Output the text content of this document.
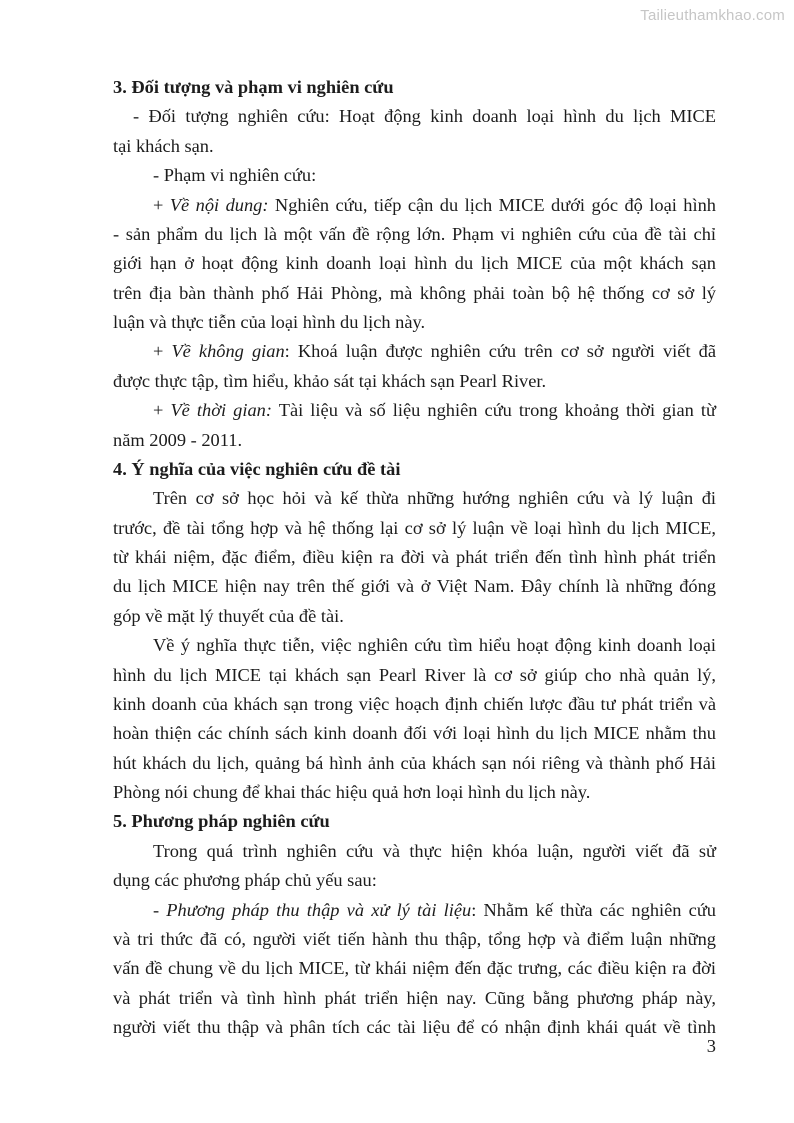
Tailieuthamkhao.com
3. Đối tượng và phạm vi nghiên cứu
- Đối tượng nghiên cứu: Hoạt động kinh doanh loại hình du lịch MICE
tại khách sạn.
- Phạm vi nghiên cứu:
+ Về nội dung: Nghiên cứu, tiếp cận du lịch MICE dưới góc độ loại hình
- sản phẩm du lịch là một vấn đề rộng lớn. Phạm vi nghiên cứu của đề tài chỉ
giới hạn ở hoạt động kinh doanh loại hình du lịch MICE của một khách sạn
trên địa bàn thành phố Hải Phòng, mà không phải toàn bộ hệ thống cơ sở lý
luận và thực tiễn của loại hình du lịch này.
+ Về không gian: Khoá luận được nghiên cứu trên cơ sở người viết đã
được thực tập, tìm hiểu, khảo sát tại khách sạn Pearl River.
+ Về thời gian: Tài liệu và số liệu nghiên cứu trong khoảng thời gian từ
năm 2009 - 2011.
4. Ý nghĩa của việc nghiên cứu đề tài
Trên cơ sở học hỏi và kế thừa những hướng nghiên cứu và lý luận đi
trước, đề tài tổng hợp và hệ thống lại cơ sở lý luận về loại hình du lịch MICE,
từ khái niệm, đặc điểm, điều kiện ra đời và phát triển đến tình hình phát triển
du lịch MICE hiện nay trên thế giới và ở Việt Nam. Đây chính là những đóng
góp về mặt lý thuyết của đề tài.
Về ý nghĩa thực tiễn, việc nghiên cứu tìm hiểu hoạt động kinh doanh loại
hình du lịch MICE tại khách sạn Pearl River là cơ sở giúp cho nhà quản lý,
kinh doanh của khách sạn trong việc hoạch định chiến lược đầu tư phát triển và
hoàn thiện các chính sách kinh doanh đối với loại hình du lịch MICE nhằm thu
hút khách du lịch, quảng bá hình ảnh của khách sạn nói riêng và thành phố Hải
Phòng nói chung để khai thác hiệu quả hơn loại hình du lịch này.
5. Phương pháp nghiên cứu
Trong quá trình nghiên cứu và thực hiện khóa luận, người viết đã sử
dụng các phương pháp chủ yếu sau:
- Phương pháp thu thập và xử lý tài liệu: Nhằm kế thừa các nghiên cứu
và tri thức đã có, người viết tiến hành thu thập, tổng hợp và điểm luận những
vấn đề chung về du lịch MICE, từ khái niệm đến đặc trưng, các điều kiện ra đời
và phát triển và tình hình phát triển hiện nay. Cũng bằng phương pháp này,
người viết thu thập và phân tích các tài liệu để có nhận định khái quát về tình
3
